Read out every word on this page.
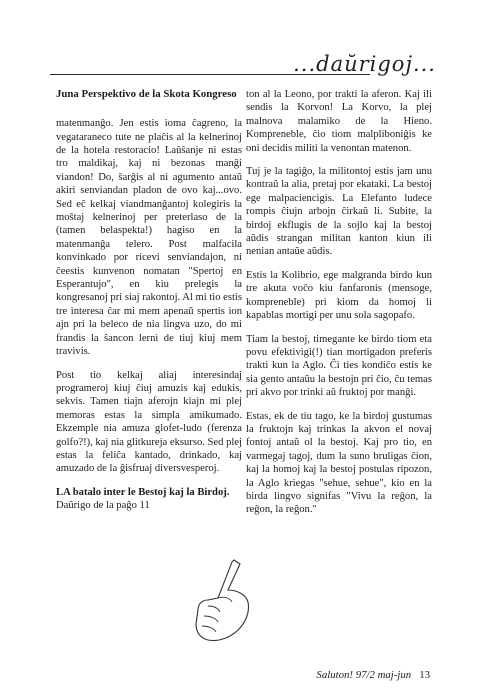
...daŭrigoj...

Juna Perspektivo de la Skota Kongreso

matenmanĝo. Jen estis ioma ĉagreno, la vegataraneco tute ne plaĉis al la kelnerinoj de la hotela restoracio! Laŭŝanje ni estas tro maldikaj, kaj ni bezonas manĝi viandon! Do, ŝarĝis al ni agumento antaŭ akiri senviandan pladon de ovo kaj...ovo. Sed eĉ kelkaj viandmanĝantoj kolegiris la moŝtaj kelnerinoj per preterlaso de la (tamen belaspekta!) hagiso en la matenmanĝa telero. Post malfacila konvinkado por ricevi senviandajon, ni ĉeestis kunvenon nomatan "Spertoj en Esperantujo", en kiu prelegis la kongresanoj pri siaj rakontoj. Al mi tio estis tre interesa ĉar mi mem apenaŭ spertis ion ajn pri la beleco de nia lingva uzo, do mi frandis la ŝancon lerni de tiuj kiuj mem travivis.

Post tio kelkaj aliaj interesindaj programeroj kiuj ĉiuj amuzis kaj edukis, sekvis. Tamen tiajn aferojn kiajn mi plej memoras estas la simpla amikumado. Ekzemple nia amuza glofet-ludo (ferenza golfo?!), kaj nia glitkureja eksurso. Sed plej estas la feliĉa kantado, drinkado, kaj amuzado de la ĝisfruaj diversvesperoj.

LA batalo inter le Bestoj kaj la Birdoj.

Daŭrigo de la paĝo 11

ton al la Leono, por trakti la aferon. Kaj ili sendis la Korvon! La Korvo, la plej malnova malamiko de la Hieno. Kompreneble, ĉio tiom malpliboniĝis ke oni decidis militi la venontan matenon.

Tuj je la tagiĝo, la militontoj estis jam unu kontraŭ la alia, pretaj por ekataki. La bestoj ege malpaciencigis. La Elefanto ludece rompis ĉiujn arbojn ĉirkaŭ li. Subite, la birdoj ekflugis de la sojlo kaj la bestoj aŭdis strangan militan kanton kiun ili nenian antaŭe aŭdis.

Estis la Kolibrio, ege malgranda birdo kun tre akuta voĉo kiu fanfaronis (mensoge, kompreneble) pri kiom da homoj li kapablas mortigi per unu sola sagopafo.

Tiam la bestoj, timegante ke birdo tiom eta povu efektivigi(!) tian mortigadon preferis trakti kun la Aglo. Ĉi ties kondiĉo estis ke sia gento antaŭu la bestojn pri ĉio, ĉu temas pri akvo por trinki aŭ fruktoj por manĝi.

Estas, ek de tiu tago, ke la birdoj gustumas la fruktojn kaj trinkas la akvon el novaj fontoj antaŭ ol la bestoj. Kaj pro tio, en varmegaj tagoj, dum la suno bruligas ĉion, kaj la homoj kaj la bestoj postulas ripozon, la Aglo kriegas "sehue, sehue", kio en la birda lingvo signifas "Vivu la reĝon, la reĝon, la reĝon."

Saluton! 97/2 maj-jun 13
